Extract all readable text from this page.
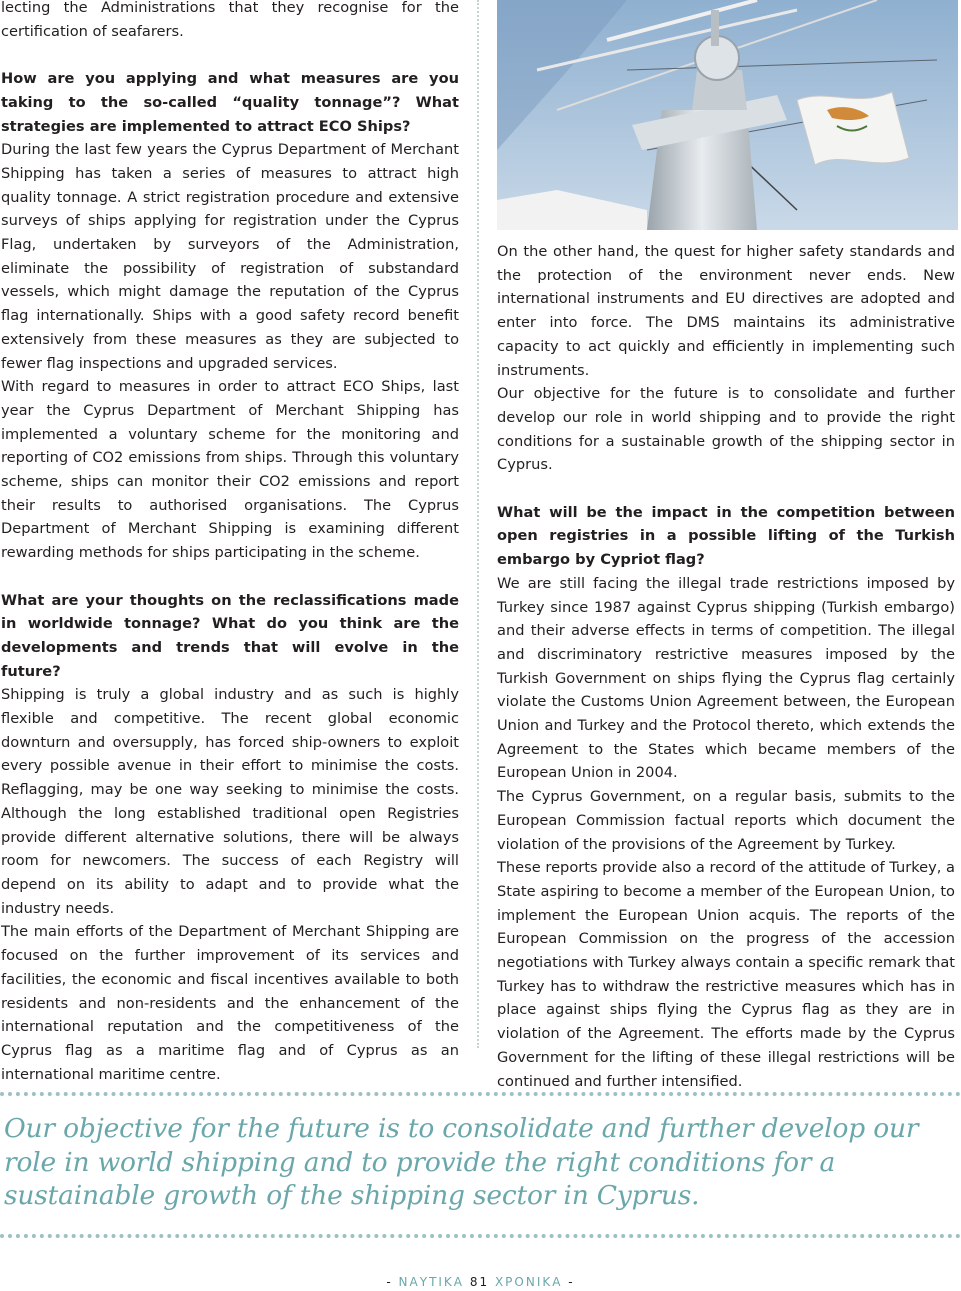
lecting the Administrations that they recognise for the certification of seafarers.

How are you applying and what measures are you taking to the so-called “quality tonnage”? What strategies are implemented to attract ECO Ships?

During the last few years the Cyprus Department of Merchant Shipping has taken a series of measures to attract high quality tonnage. A strict registration procedure and extensive surveys of ships applying for registration under the Cyprus Flag, undertaken by surveyors of the Administration, eliminate the possibility of registration of substandard vessels, which might damage the reputation of the Cyprus flag internationally. Ships with a good safety record benefit extensively from these measures as they are subjected to fewer flag inspections and upgraded services.

With regard to measures in order to attract ECO Ships, last year the Cyprus Department of Merchant Shipping has implemented a voluntary scheme for the monitoring and reporting of CO2 emissions from ships. Through this voluntary scheme, ships can monitor their CO2 emissions and report their results to authorised organisations. The Cyprus Department of Merchant Shipping is examining different rewarding methods for ships participating in the scheme.

What are your thoughts on the reclassifications made in worldwide tonnage? What do you think are the developments and trends that will evolve in the future?

Shipping is truly a global industry and as such is highly flexible and competitive. The recent global economic downturn and oversupply, has forced ship-owners to exploit every possible avenue in their effort to minimise the costs. Reflagging, may be one way seeking to minimise the costs. Although the long established traditional open Registries provide different alternative solutions, there will be always room for newcomers. The success of each Registry will depend on its ability to adapt and to provide what the industry needs.

The main efforts of the Department of Merchant Shipping are focused on the further improvement of its services and facilities, the economic and fiscal incentives available to both residents and non-residents and the enhancement of the international reputation and the competitiveness of the Cyprus flag as a maritime flag and of Cyprus as an international maritime centre.

On the other hand, the quest for higher safety standards and the protection of the environment never ends. New international instruments and EU directives are adopted and enter into force. The DMS maintains its administrative capacity to act quickly and efficiently in implementing such instruments.

Our objective for the future is to consolidate and further develop our role in world shipping and to provide the right conditions for a sustainable growth of the shipping sector in Cyprus.

What will be the impact in the competition between open registries in a possible lifting of the Turkish embargo by Cypriot flag?

We are still facing the illegal trade restrictions imposed by Turkey since 1987 against Cyprus shipping (Turkish embargo) and their adverse effects in terms of competition. The illegal and discriminatory restrictive measures imposed by the Turkish Government on ships flying the Cyprus flag certainly violate the Customs Union Agreement between, the European Union and Turkey and the Protocol thereto, which extends the Agreement to the States which became members of the European Union in 2004.

The Cyprus Government, on a regular basis, submits to the European Commission factual reports which document the violation of the provisions of the Agreement by Turkey.

These reports provide also a record of the attitude of Turkey, a State aspiring to become a member of the European Union, to implement the European Union acquis. The reports of the European Commission on the progress of the accession negotiations with Turkey always contain a specific remark that Turkey has to withdraw the restrictive measures which has in place against ships flying the Cyprus flag as they are in violation of the Agreement. The efforts made by the Cyprus Government for the lifting of these illegal restrictions will be continued and further intensified.

Our objective for the future is to consolidate and further develop our role in world shipping and to provide the right conditions for a sustainable growth of the shipping sector in Cyprus.
- ΝΑΥΤΙΚΑ 81 ΧΡΟΝΙΚΑ -
